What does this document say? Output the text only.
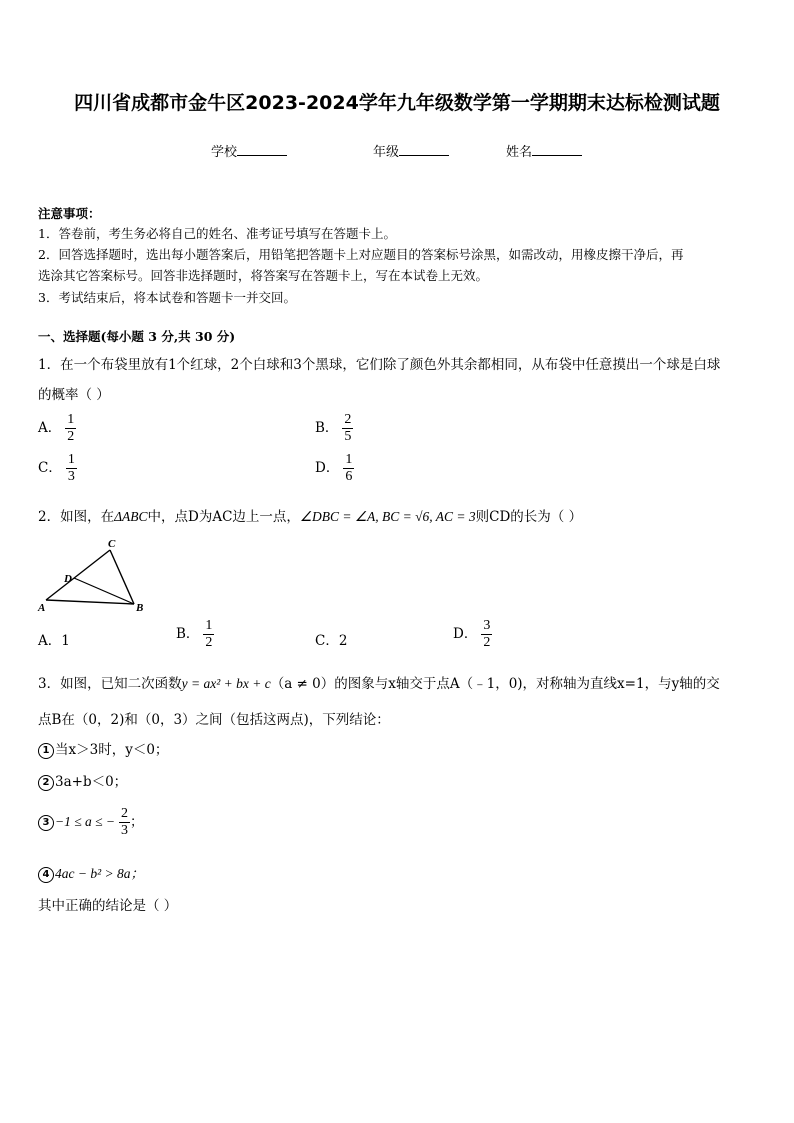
四川省成都市金牛区2023-2024学年九年级数学第一学期期末达标检测试题
学校	年级	姓名
注意事项：
1．答卷前，考生务必将自己的姓名、准考证号填写在答题卡上。
2．回答选择题时，选出每小题答案后，用铅笔把答题卡上对应题目的答案标号涂黑，如需改动，用橡皮擦干净后，再
选涂其它答案标号。回答非选择题时，将答案写在答题卡上，写在本试卷上无效。
3．考试结束后，将本试卷和答题卡一并交回。
一、选择题(每小题 3 分,共 30 分)
1．在一个布袋里放有1个红球，2个白球和3个黑球，它们除了颜色外其余都相同，从布袋中任意摸出一个球是白球
的概率（ ）
A． $\frac{1}{2}$	B． $\frac{2}{5}$
C． $\frac{1}{3}$	D． $\frac{1}{6}$
2．如图，在ΔABC中，点D为AC边上一点，∠DBC = ∠A, BC = √6, AC = 3则CD的长为（ ）
C
D
A	B
A．1	B． $\frac{1}{2}$	C．2	D． $\frac{3}{2}$
3．如图，已知二次函数y = ax² + bx + c（a ≠ 0）的图象与x轴交于点A（﹣1，0)，对称轴为直线x=1，与y轴的交
点B在（0，2)和（0，3）之间（包括这两点)，下列结论：
1 当x＞3时，y＜0；
2 3a+b＜0；
3 −1 ≤ a ≤ − $\frac{2}{3}$ ；
4 4ac − b² > 8a；
其中正确的结论是（ ）
